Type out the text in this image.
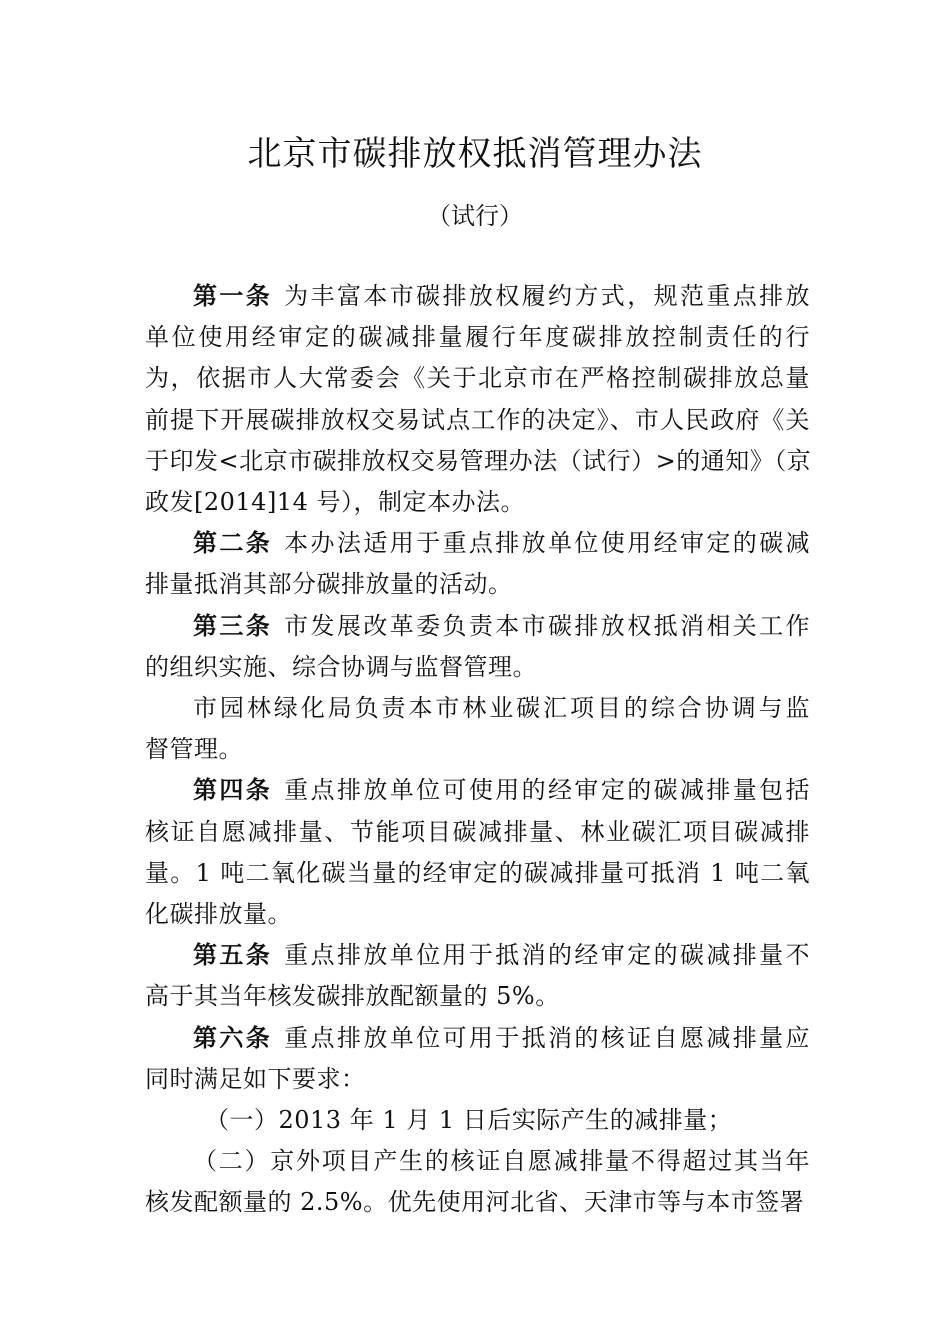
北京市碳排放权抵消管理办法
（试行）
第一条 为丰富本市碳排放权履约方式，规范重点排放
单位使用经审定的碳减排量履行年度碳排放控制责任的行
为，依据市人大常委会《关于北京市在严格控制碳排放总量
前提下开展碳排放权交易试点工作的决定》、市人民政府《关
于印发<北京市碳排放权交易管理办法（试行）>的通知》（京
政发[2014]14 号），制定本办法。
第二条 本办法适用于重点排放单位使用经审定的碳减
排量抵消其部分碳排放量的活动。
第三条 市发展改革委负责本市碳排放权抵消相关工作
的组织实施、综合协调与监督管理。
市园林绿化局负责本市林业碳汇项目的综合协调与监
督管理。
第四条 重点排放单位可使用的经审定的碳减排量包括
核证自愿减排量、节能项目碳减排量、林业碳汇项目碳减排
量。1 吨二氧化碳当量的经审定的碳减排量可抵消 1 吨二氧
化碳排放量。
第五条 重点排放单位用于抵消的经审定的碳减排量不
高于其当年核发碳排放配额量的 5%。
第六条 重点排放单位可用于抵消的核证自愿减排量应
同时满足如下要求：
（一）2013 年 1 月 1 日后实际产生的减排量；
（二）京外项目产生的核证自愿减排量不得超过其当年
核发配额量的 2.5%。优先使用河北省、天津市等与本市签署
